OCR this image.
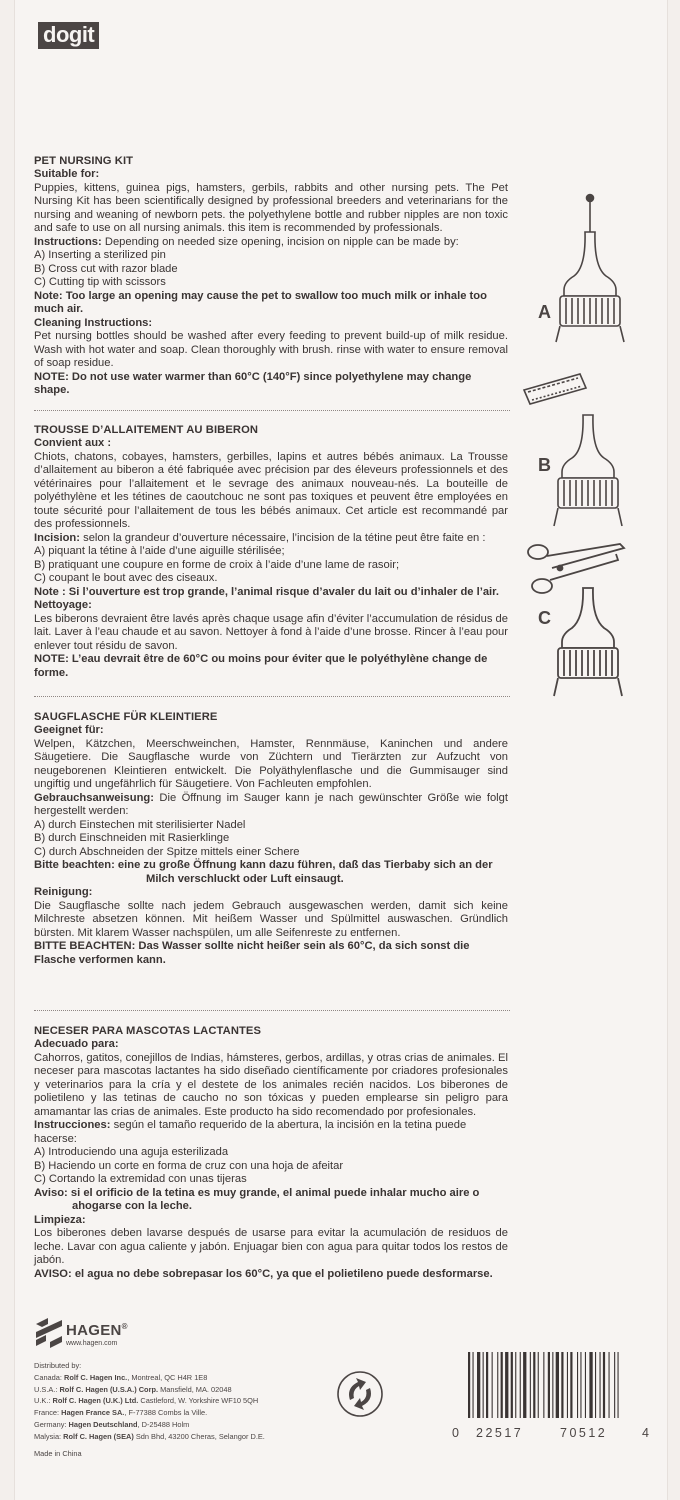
dogit
PET NURSING KIT
Suitable for:
Puppies, kittens, guinea pigs, hamsters, gerbils, rabbits and other nursing pets. The Pet Nursing Kit has been scientifically designed by professional breeders and veterinarians for the nursing and weaning of newborn pets. the polyethylene bottle and rubber nipples are non toxic and safe to use on all nursing animals. this item is recommended by professionals.
Instructions: Depending on needed size opening, incision on nipple can be made by:
A) Inserting a sterilized pin
B) Cross cut with razor blade
C) Cutting tip with scissors
Note: Too large an opening may cause the pet to swallow too much milk or inhale too much air.
Cleaning Instructions:
Pet nursing bottles should be washed after every feeding to prevent build-up of milk residue. Wash with hot water and soap. Clean thoroughly with brush. rinse with water to ensure removal of soap residue.
NOTE: Do not use water warmer than 60°C (140°F) since polyethylene may change shape.
TROUSSE D’ALLAITEMENT AU BIBERON
Convient aux :
Chiots, chatons, cobayes, hamsters, gerbilles, lapins et autres bébés animaux. La Trousse d’allaitement au biberon a été fabriquée avec précision par des éleveurs professionnels et des vétérinaires pour l’allaitement et le sevrage des animaux nouveau-nés. La bouteille de polyéthylène et les tétines de caoutchouc ne sont pas toxiques et peuvent être employées en toute sécurité pour l’allaitement de tous les bébés animaux. Cet article est recommandé par des professionnels.
Incision: selon la grandeur d’ouverture nécessaire, l’incision de la tétine peut être faite en :
A) piquant la tétine à l’aide d’une aiguille stérilisée;
B) pratiquant une coupure en forme de croix à l’aide d’une lame de rasoir;
C) coupant le bout avec des ciseaux.
Note : Si l’ouverture est trop grande, l’animal risque d’avaler du lait ou d’inhaler de l’air.
Nettoyage:
Les biberons devraient être lavés après chaque usage afin d’éviter l’accumulation de résidus de lait. Laver à l’eau chaude et au savon. Nettoyer à fond à l’aide d’une brosse. Rincer à l’eau pour enlever tout résidu de savon.
NOTE: L’eau devrait être de 60°C ou moins pour éviter que le polyéthylène change de forme.
SAUGFLASCHE FÜR KLEINTIERE
Geeignet für:
Welpen, Kätzchen, Meerschweinchen, Hamster, Rennmäuse, Kaninchen und andere Säugetiere. Die Saugflasche wurde von Züchtern und Tierärzten zur Aufzucht von neugeborenen Kleintieren entwickelt. Die Polyäthylenflasche und die Gummisauger sind ungiftig und ungefährlich für Säugetiere. Von Fachleuten empfohlen.
Gebrauchsanweisung: Die Öffnung im Sauger kann je nach gewünschter Größe wie folgt hergestellt werden:
A) durch Einstechen mit sterilisierter Nadel
B) durch Einschneiden mit Rasierklinge
C) durch Abschneiden der Spitze mittels einer Schere
Bitte beachten: eine zu große Öffnung kann dazu führen, daß das Tierbaby sich an der
Milch verschluckt oder Luft einsaugt.
Reinigung:
Die Saugflasche sollte nach jedem Gebrauch ausgewaschen werden, damit sich keine Milchreste absetzen können. Mit heißem Wasser und Spülmittel auswaschen. Gründlich bürsten. Mit klarem Wasser nachspülen, um alle Seifenreste zu entfernen.
BITTE BEACHTEN: Das Wasser sollte nicht heißer sein als 60°C, da sich sonst die Flasche verformen kann.
NECESER PARA MASCOTAS LACTANTES
Adecuado para:
Cahorros, gatitos, conejillos de Indias, hámsteres, gerbos, ardillas, y otras crias de animales. El neceser para mascotas lactantes ha sido diseñado científicamente por criadores profesionales y veterinarios para la cría y el destete de los animales recién nacidos. Los biberones de polietileno y las tetinas de caucho no son tóxicas y pueden emplearse sin peligro para amamantar las crias de animales. Este producto ha sido recomendado por profesionales.
Instrucciones: según el tamaño requerido de la abertura, la incisión en la tetina puede hacerse:
A) Introduciendo una aguja esterilizada
B) Haciendo un corte en forma de cruz con una hoja de afeitar
C) Cortando la extremidad con unas tijeras
Aviso: si el orificio de la tetina es muy grande, el animal puede inhalar mucho aire o
ahogarse con la leche.
Limpieza:
Los biberones deben lavarse después de usarse para evitar la acumulación de residuos de leche. Lavar con agua caliente y jabón. Enjuagar bien con agua para quitar todos los restos de jabón.
AVISO: el agua no debe sobrepasar los 60°C, ya que el polietileno puede desformarse.
A
B
C
HAGEN®
www.hagen.com
Distributed by:
Canada: Rolf C. Hagen Inc., Montreal, QC H4R 1E8
U.S.A.: Rolf C. Hagen (U.S.A.) Corp. Mansfield, MA. 02048
U.K.: Rolf C. Hagen (U.K.) Ltd. Castleford, W. Yorkshire WF10 5QH
France: Hagen France SA., F-77388 Combs la Ville.
Germany: Hagen Deutschland, D-25488 Holm
Malysia: Rolf C. Hagen (SEA) Sdn Bhd, 43200 Cheras, Selangor D.E.
Made in China
0 22517	70512	4
